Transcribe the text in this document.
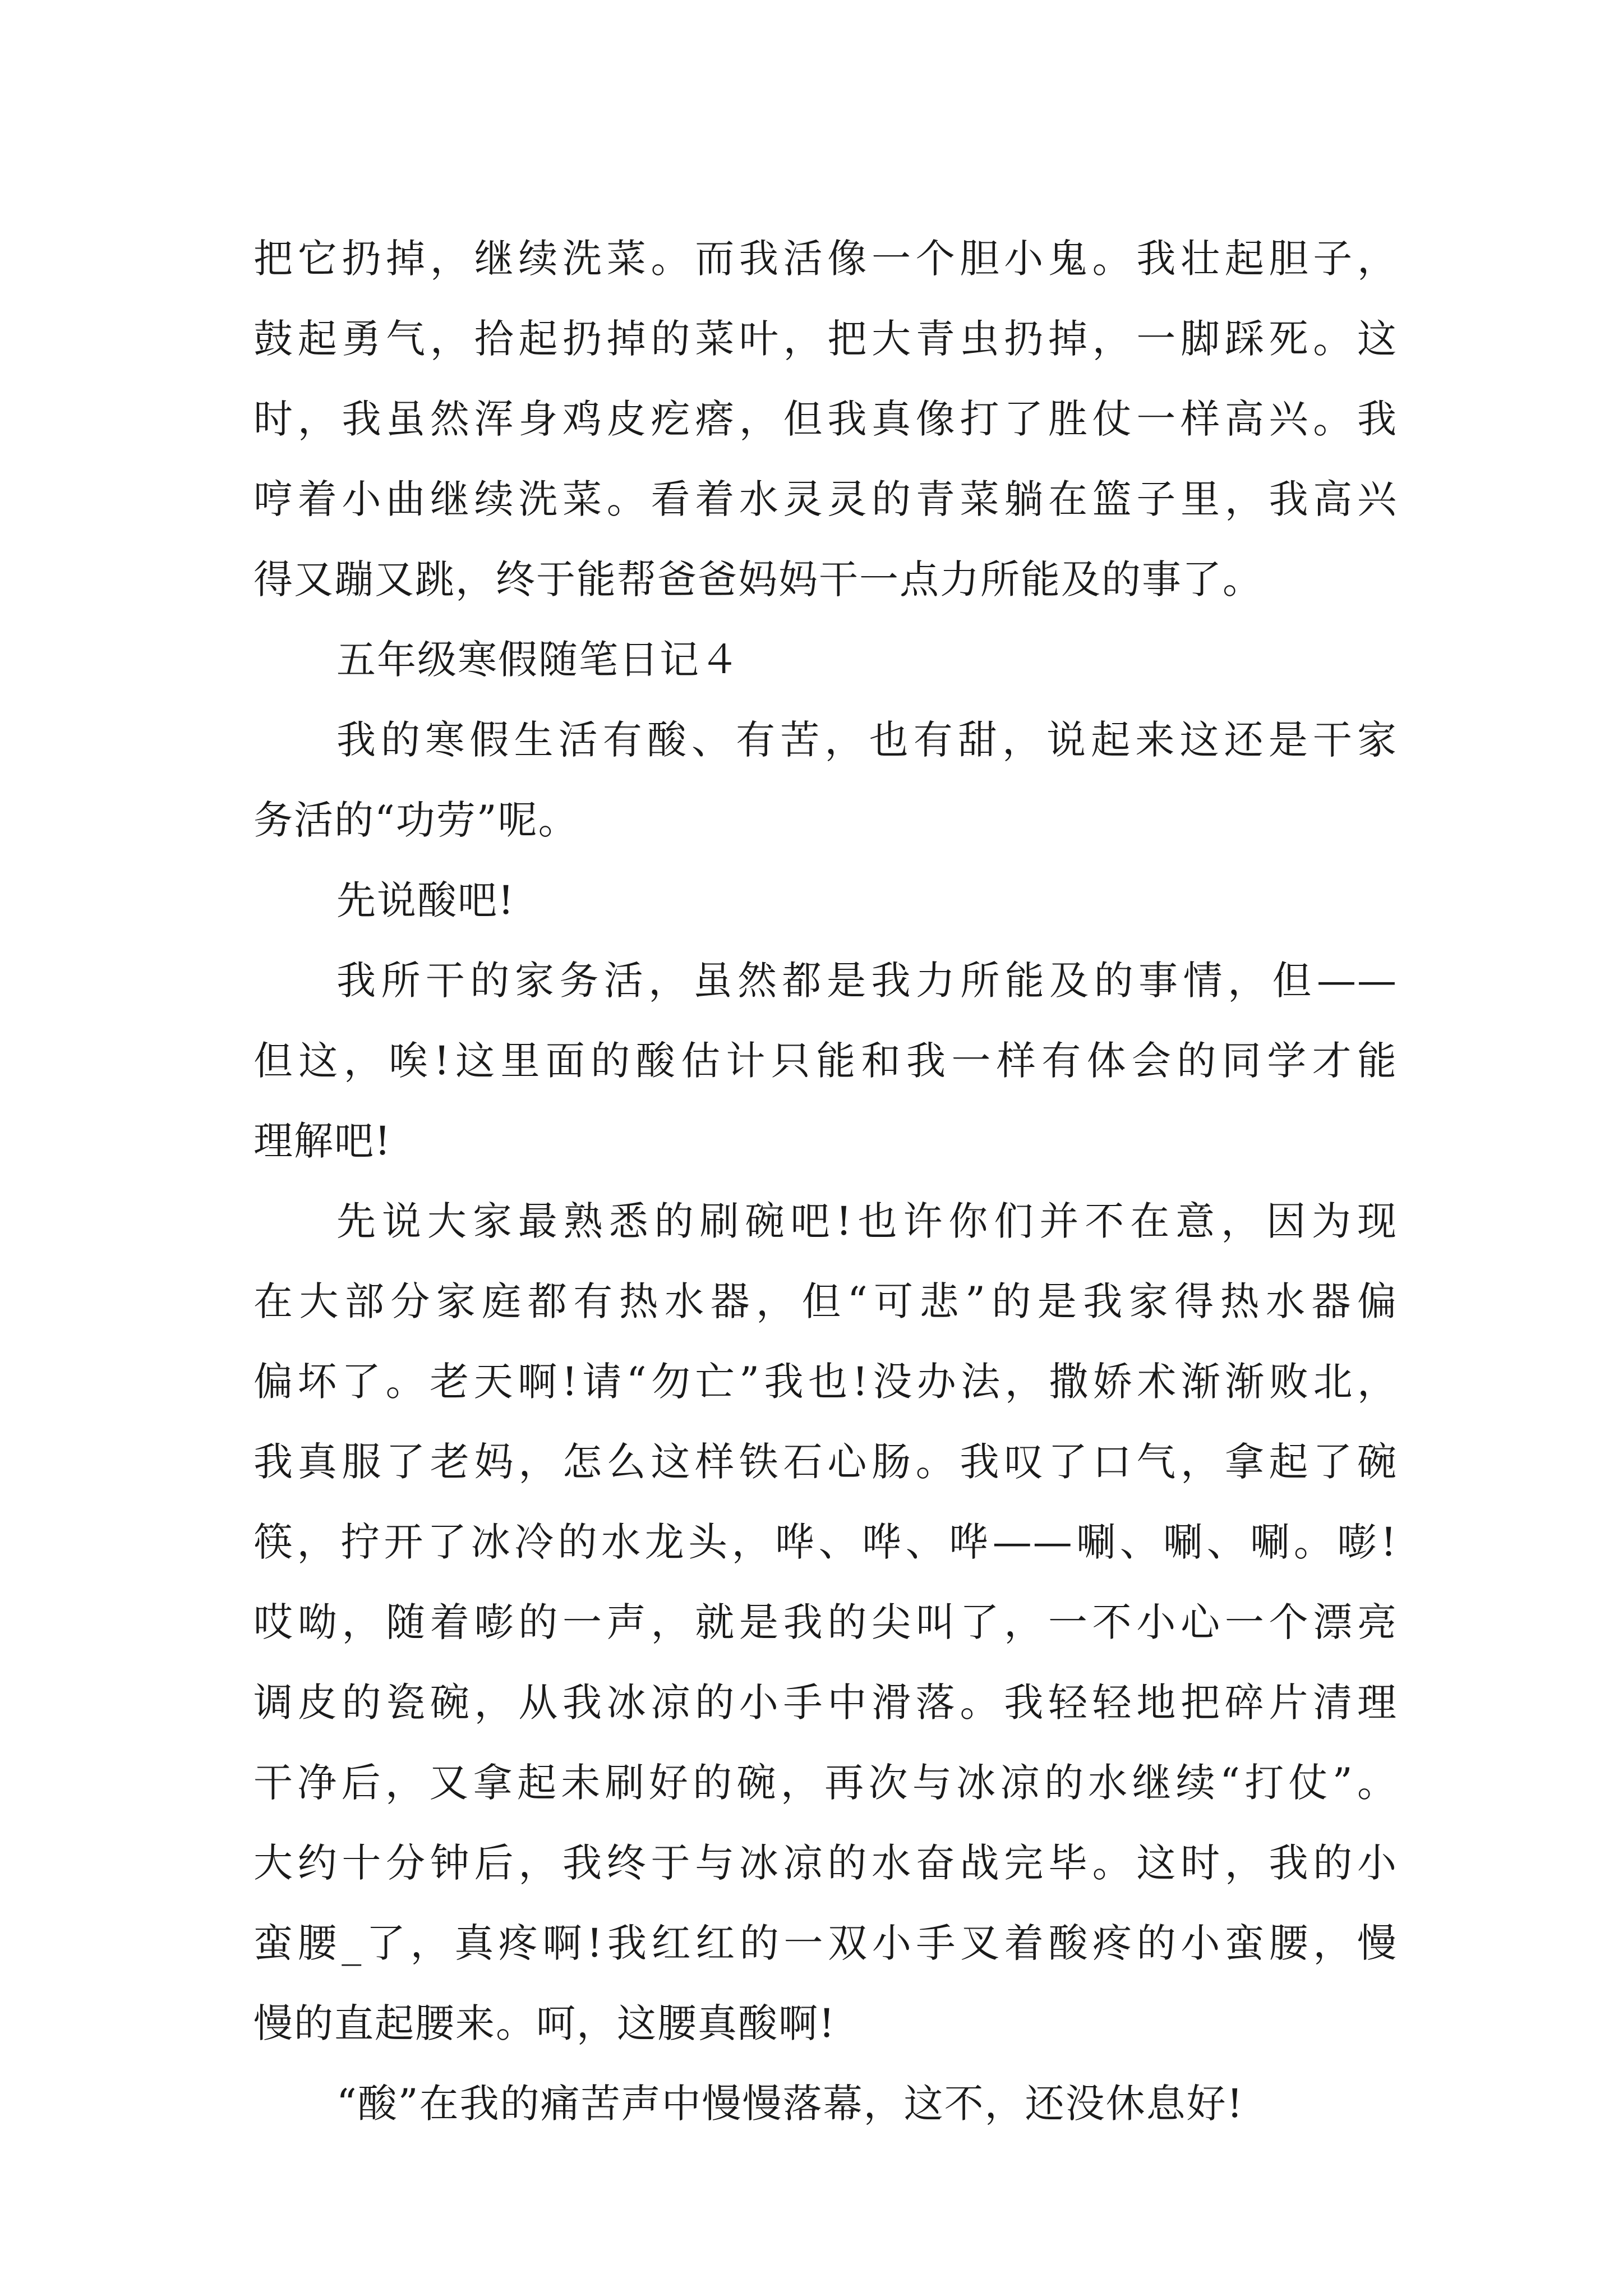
把它扔掉，继续洗菜。而我活像一个胆小鬼。我壮起胆子，
鼓起勇气，拾起扔掉的菜叶，把大青虫扔掉，一脚踩死。这
时，我虽然浑身鸡皮疙瘩，但我真像打了胜仗一样高兴。我
哼着小曲继续洗菜。看着水灵灵的青菜躺在篮子里，我高兴
得又蹦又跳，终于能帮爸爸妈妈干一点力所能及的事了。
五年级寒假随笔日记４
我的寒假生活有酸、有苦，也有甜，说起来这还是干家
务活的“功劳”呢。
先说酸吧!
我所干的家务活，虽然都是我力所能及的事情，但——
但这，唉!这里面的酸估计只能和我一样有体会的同学才能
理解吧!
先说大家最熟悉的刷碗吧!也许你们并不在意，因为现
在大部分家庭都有热水器，但“可悲”的是我家得热水器偏
偏坏了。老天啊!请“勿亡”我也!没办法，撒娇术渐渐败北，
我真服了老妈，怎么这样铁石心肠。我叹了口气，拿起了碗
筷，拧开了冰冷的水龙头，哗、哗、哗——唰、唰、唰。嘭!
哎呦，随着嘭的一声，就是我的尖叫了，一不小心一个漂亮
调皮的瓷碗，从我冰凉的小手中滑落。我轻轻地把碎片清理
干净后，又拿起未刷好的碗，再次与冰凉的水继续“打仗”。
大约十分钟后，我终于与冰凉的水奋战完毕。这时，我的小
蛮腰_了，真疼啊!我红红的一双小手叉着酸疼的小蛮腰，慢
慢的直起腰来。呵，这腰真酸啊!
“酸”在我的痛苦声中慢慢落幕，这不，还没休息好!
